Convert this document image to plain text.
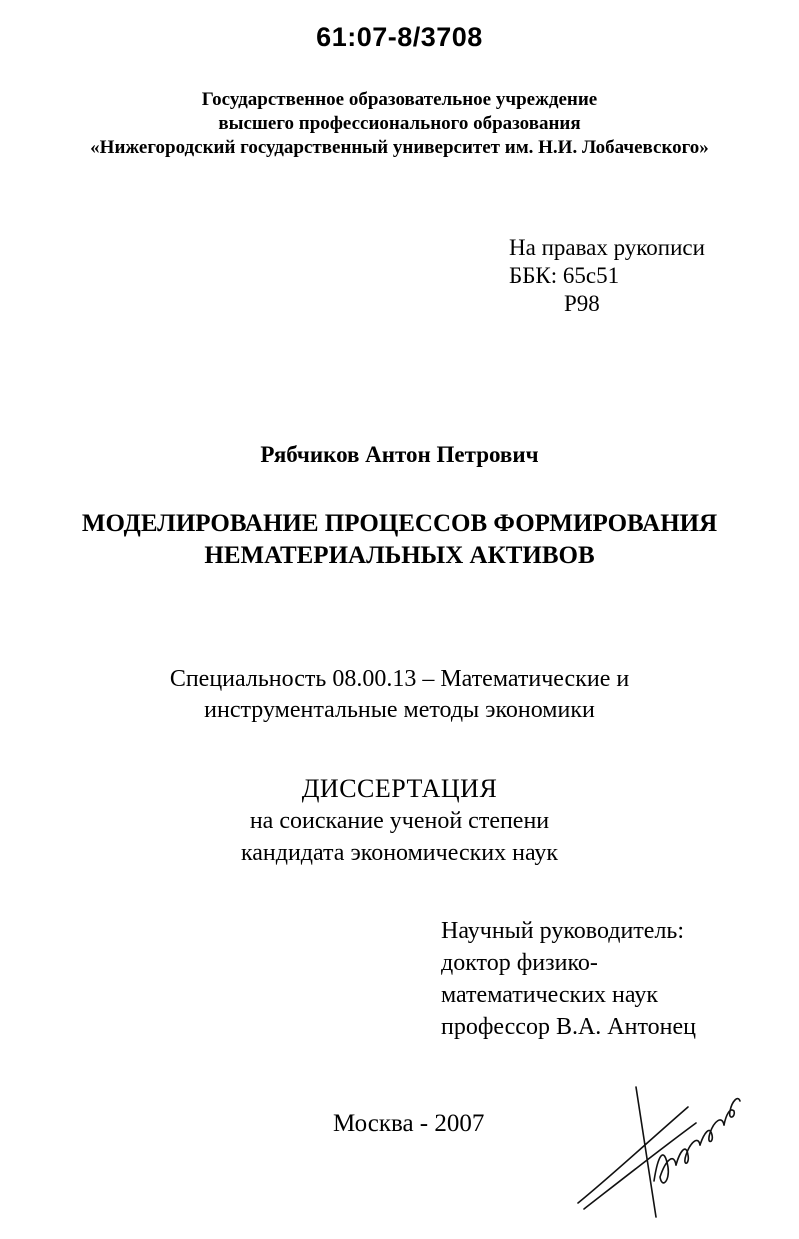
61:07-8/3708
Государственное образовательное учреждение
высшего профессионального образования
«Нижегородский государственный университет им. Н.И. Лобачевского»
На правах рукописи
ББК: 65с51
Р98
Рябчиков Антон Петрович
МОДЕЛИРОВАНИЕ ПРОЦЕССОВ ФОРМИРОВАНИЯ
НЕМАТЕРИАЛЬНЫХ АКТИВОВ
Специальность 08.00.13 – Математические и
инструментальные методы экономики
ДИССЕРТАЦИЯ
на соискание ученой степени
кандидата экономических наук
Научный руководитель:
доктор физико-
математических наук
профессор В.А. Антонец
Москва - 2007
